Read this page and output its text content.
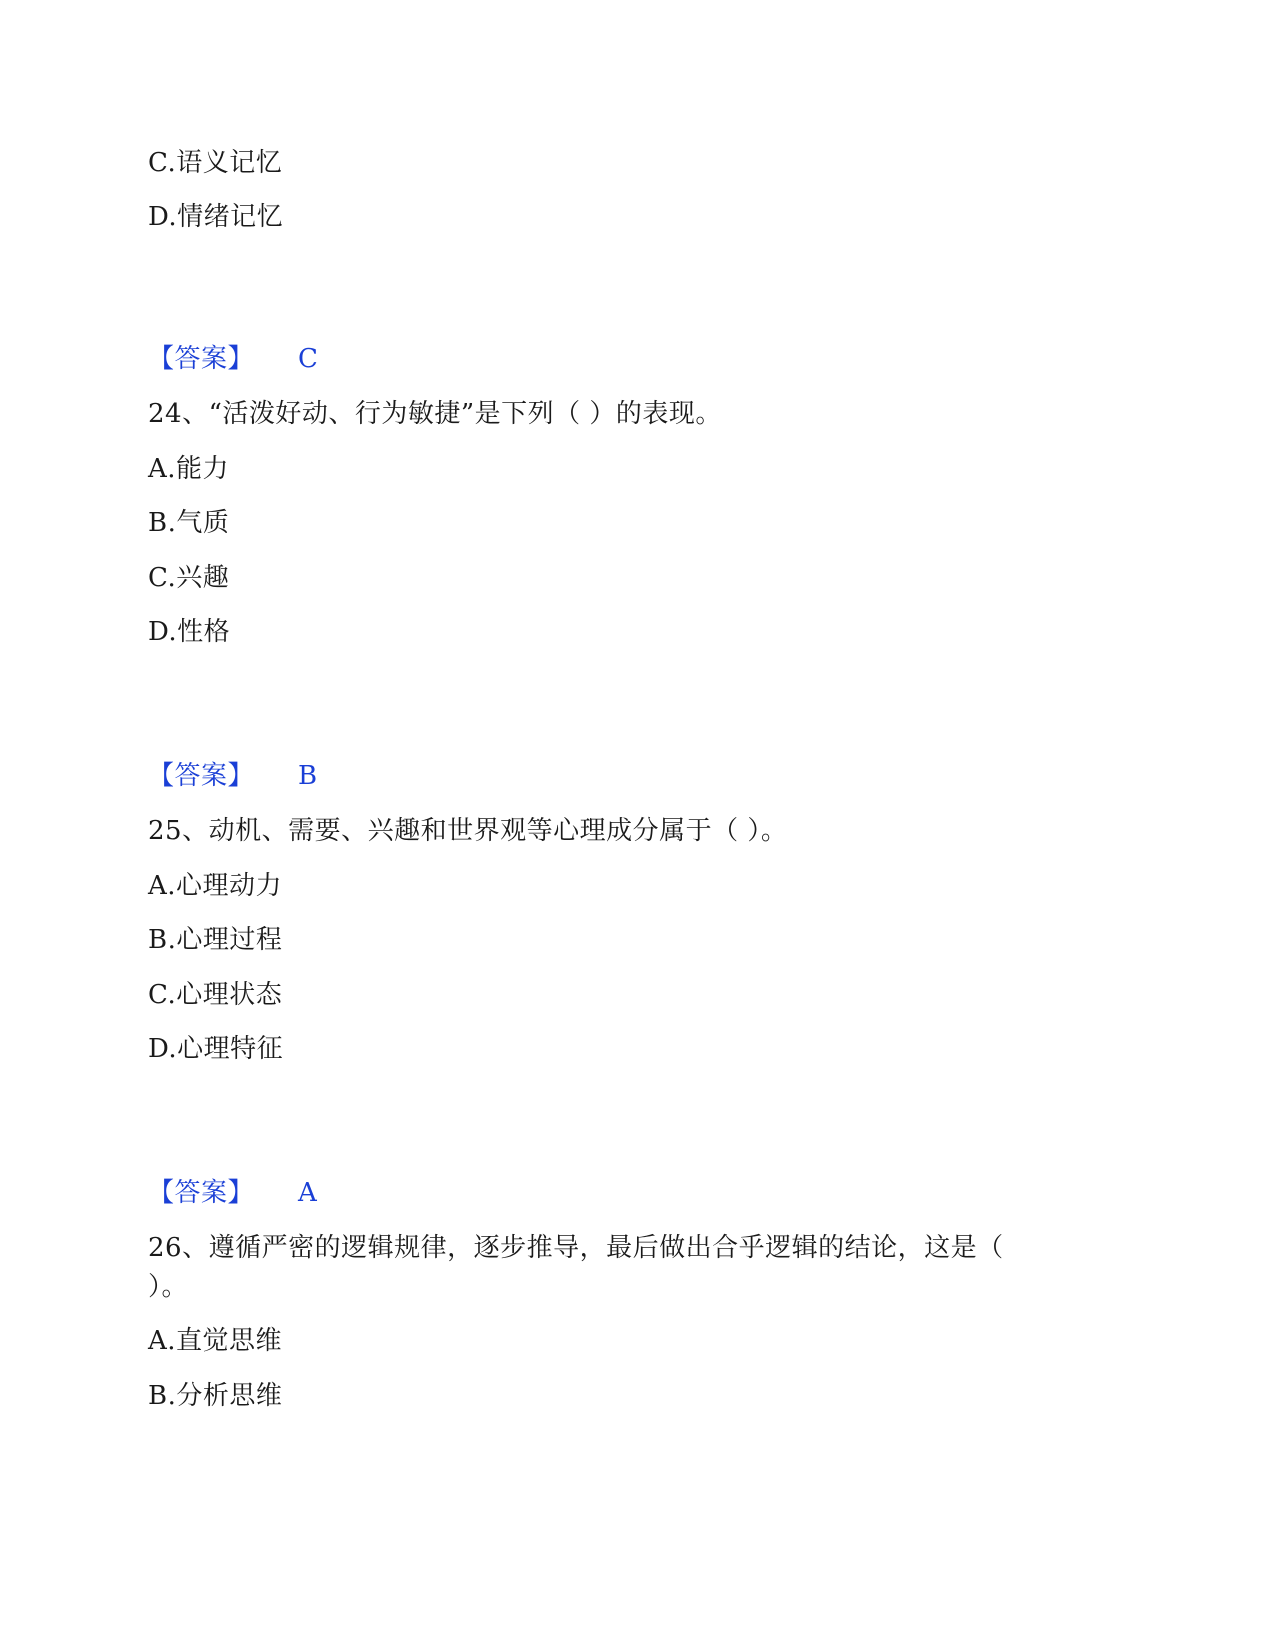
C.语义记忆
D.情绪记忆
【答案】 C
24、“活泼好动、行为敏捷”是下列（ ）的表现。
A.能力
B.气质
C.兴趣
D.性格
【答案】 B
25、动机、需要、兴趣和世界观等心理成分属于（ ）。
A.心理动力
B.心理过程
C.心理状态
D.心理特征
【答案】 A
26、遵循严密的逻辑规律，逐步推导，最后做出合乎逻辑的结论，这是（
）。
A.直觉思维
B.分析思维
